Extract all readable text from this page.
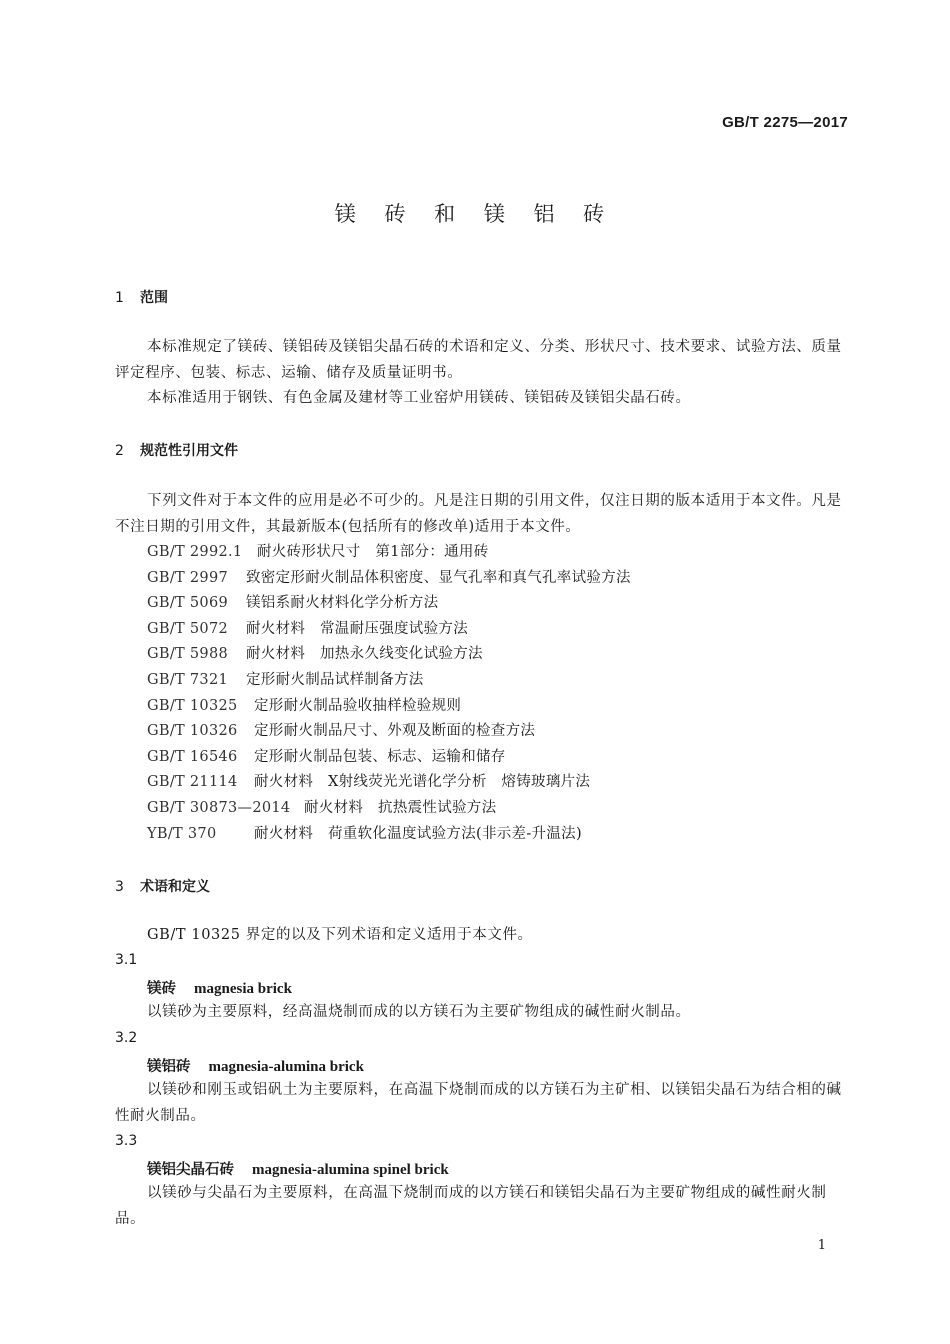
GB/T 2275—2017
镁 砖 和 镁 铝 砖
1 范围
本标准规定了镁砖、镁铝砖及镁铝尖晶石砖的术语和定义、分类、形状尺寸、技术要求、试验方法、质量评定程序、包装、标志、运输、储存及质量证明书。
本标准适用于钢铁、有色金属及建材等工业窑炉用镁砖、镁铝砖及镁铝尖晶石砖。
2 规范性引用文件
下列文件对于本文件的应用是必不可少的。凡是注日期的引用文件，仅注日期的版本适用于本文件。凡是不注日期的引用文件，其最新版本(包括所有的修改单)适用于本文件。
GB/T 2992.1 耐火砖形状尺寸　第1部分：通用砖
GB/T 2997 致密定形耐火制品体积密度、显气孔率和真气孔率试验方法
GB/T 5069 镁铝系耐火材料化学分析方法
GB/T 5072 耐火材料　常温耐压强度试验方法
GB/T 5988 耐火材料　加热永久线变化试验方法
GB/T 7321 定形耐火制品试样制备方法
GB/T 10325 定形耐火制品验收抽样检验规则
GB/T 10326 定形耐火制品尺寸、外观及断面的检查方法
GB/T 16546 定形耐火制品包装、标志、运输和储存
GB/T 21114 耐火材料　X射线荧光光谱化学分析　熔铸玻璃片法
GB/T 30873—2014 耐火材料　抗热震性试验方法
YB/T 370	耐火材料　荷重软化温度试验方法(非示差-升温法)
3 术语和定义
GB/T 10325 界定的以及下列术语和定义适用于本文件。
3.1
镁砖 magnesia brick
以镁砂为主要原料，经高温烧制而成的以方镁石为主要矿物组成的碱性耐火制品。
3.2
镁铝砖 magnesia-alumina brick
以镁砂和刚玉或铝矾土为主要原料，在高温下烧制而成的以方镁石为主矿相、以镁铝尖晶石为结合相的碱性耐火制品。
3.3
镁铝尖晶石砖 magnesia-alumina spinel brick
以镁砂与尖晶石为主要原料，在高温下烧制而成的以方镁石和镁铝尖晶石为主要矿物组成的碱性耐火制品。
1
